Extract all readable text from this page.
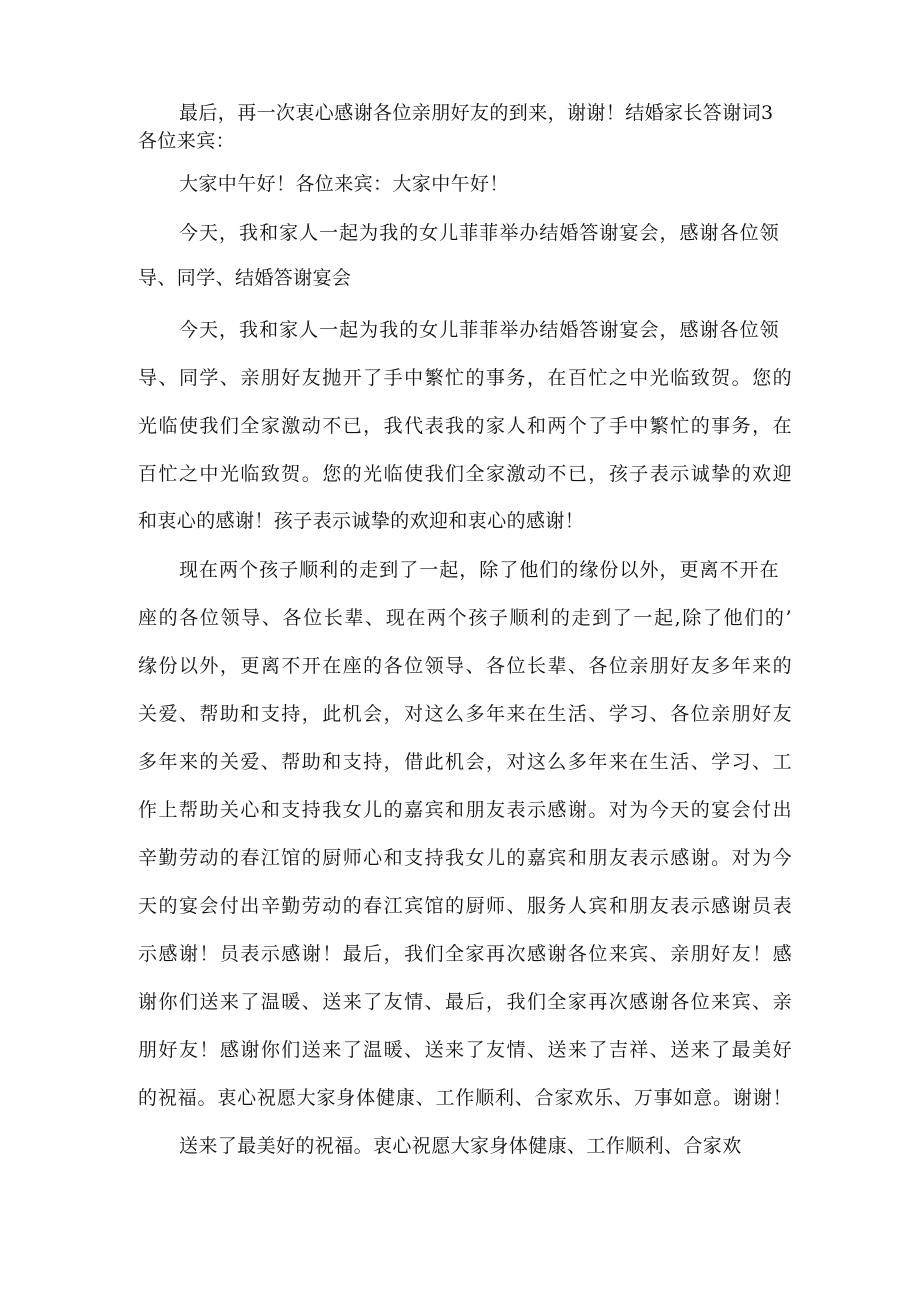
最后，再一次衷心感谢各位亲朋好友的到来，谢谢！结婚家长答谢词3
各位来宾：
大家中午好！各位来宾：大家中午好！
今天，我和家人一起为我的女儿菲菲举办结婚答谢宴会，感谢各位领
导、同学、结婚答谢宴会
今天，我和家人一起为我的女儿菲菲举办结婚答谢宴会，感谢各位领
导、同学、亲朋好友抛开了手中繁忙的事务，在百忙之中光临致贺。您的
光临使我们全家激动不已，我代表我的家人和两个了手中繁忙的事务，在
百忙之中光临致贺。您的光临使我们全家激动不已，孩子表示诚挚的欢迎
和衷心的感谢！孩子表示诚挚的欢迎和衷心的感谢！
现在两个孩子顺利的走到了一起，除了他们的缘份以外，更离不开在
座的各位领导、各位长辈、现在两个孩子顺利的走到了一起,除了他们的’
缘份以外，更离不开在座的各位领导、各位长辈、各位亲朋好友多年来的
关爱、帮助和支持，此机会，对这么多年来在生活、学习、各位亲朋好友
多年来的关爱、帮助和支持，借此机会，对这么多年来在生活、学习、工
作上帮助关心和支持我女儿的嘉宾和朋友表示感谢。对为今天的宴会付出
辛勤劳动的春江馆的厨师心和支持我女儿的嘉宾和朋友表示感谢。对为今
天的宴会付出辛勤劳动的春江宾馆的厨师、服务人宾和朋友表示感谢员表
示感谢！员表示感谢！最后，我们全家再次感谢各位来宾、亲朋好友！感
谢你们送来了温暖、送来了友情、最后，我们全家再次感谢各位来宾、亲
朋好友！感谢你们送来了温暖、送来了友情、送来了吉祥、送来了最美好
的祝福。衷心祝愿大家身体健康、工作顺利、合家欢乐、万事如意。谢谢！
送来了最美好的祝福。衷心祝愿大家身体健康、工作顺利、合家欢
